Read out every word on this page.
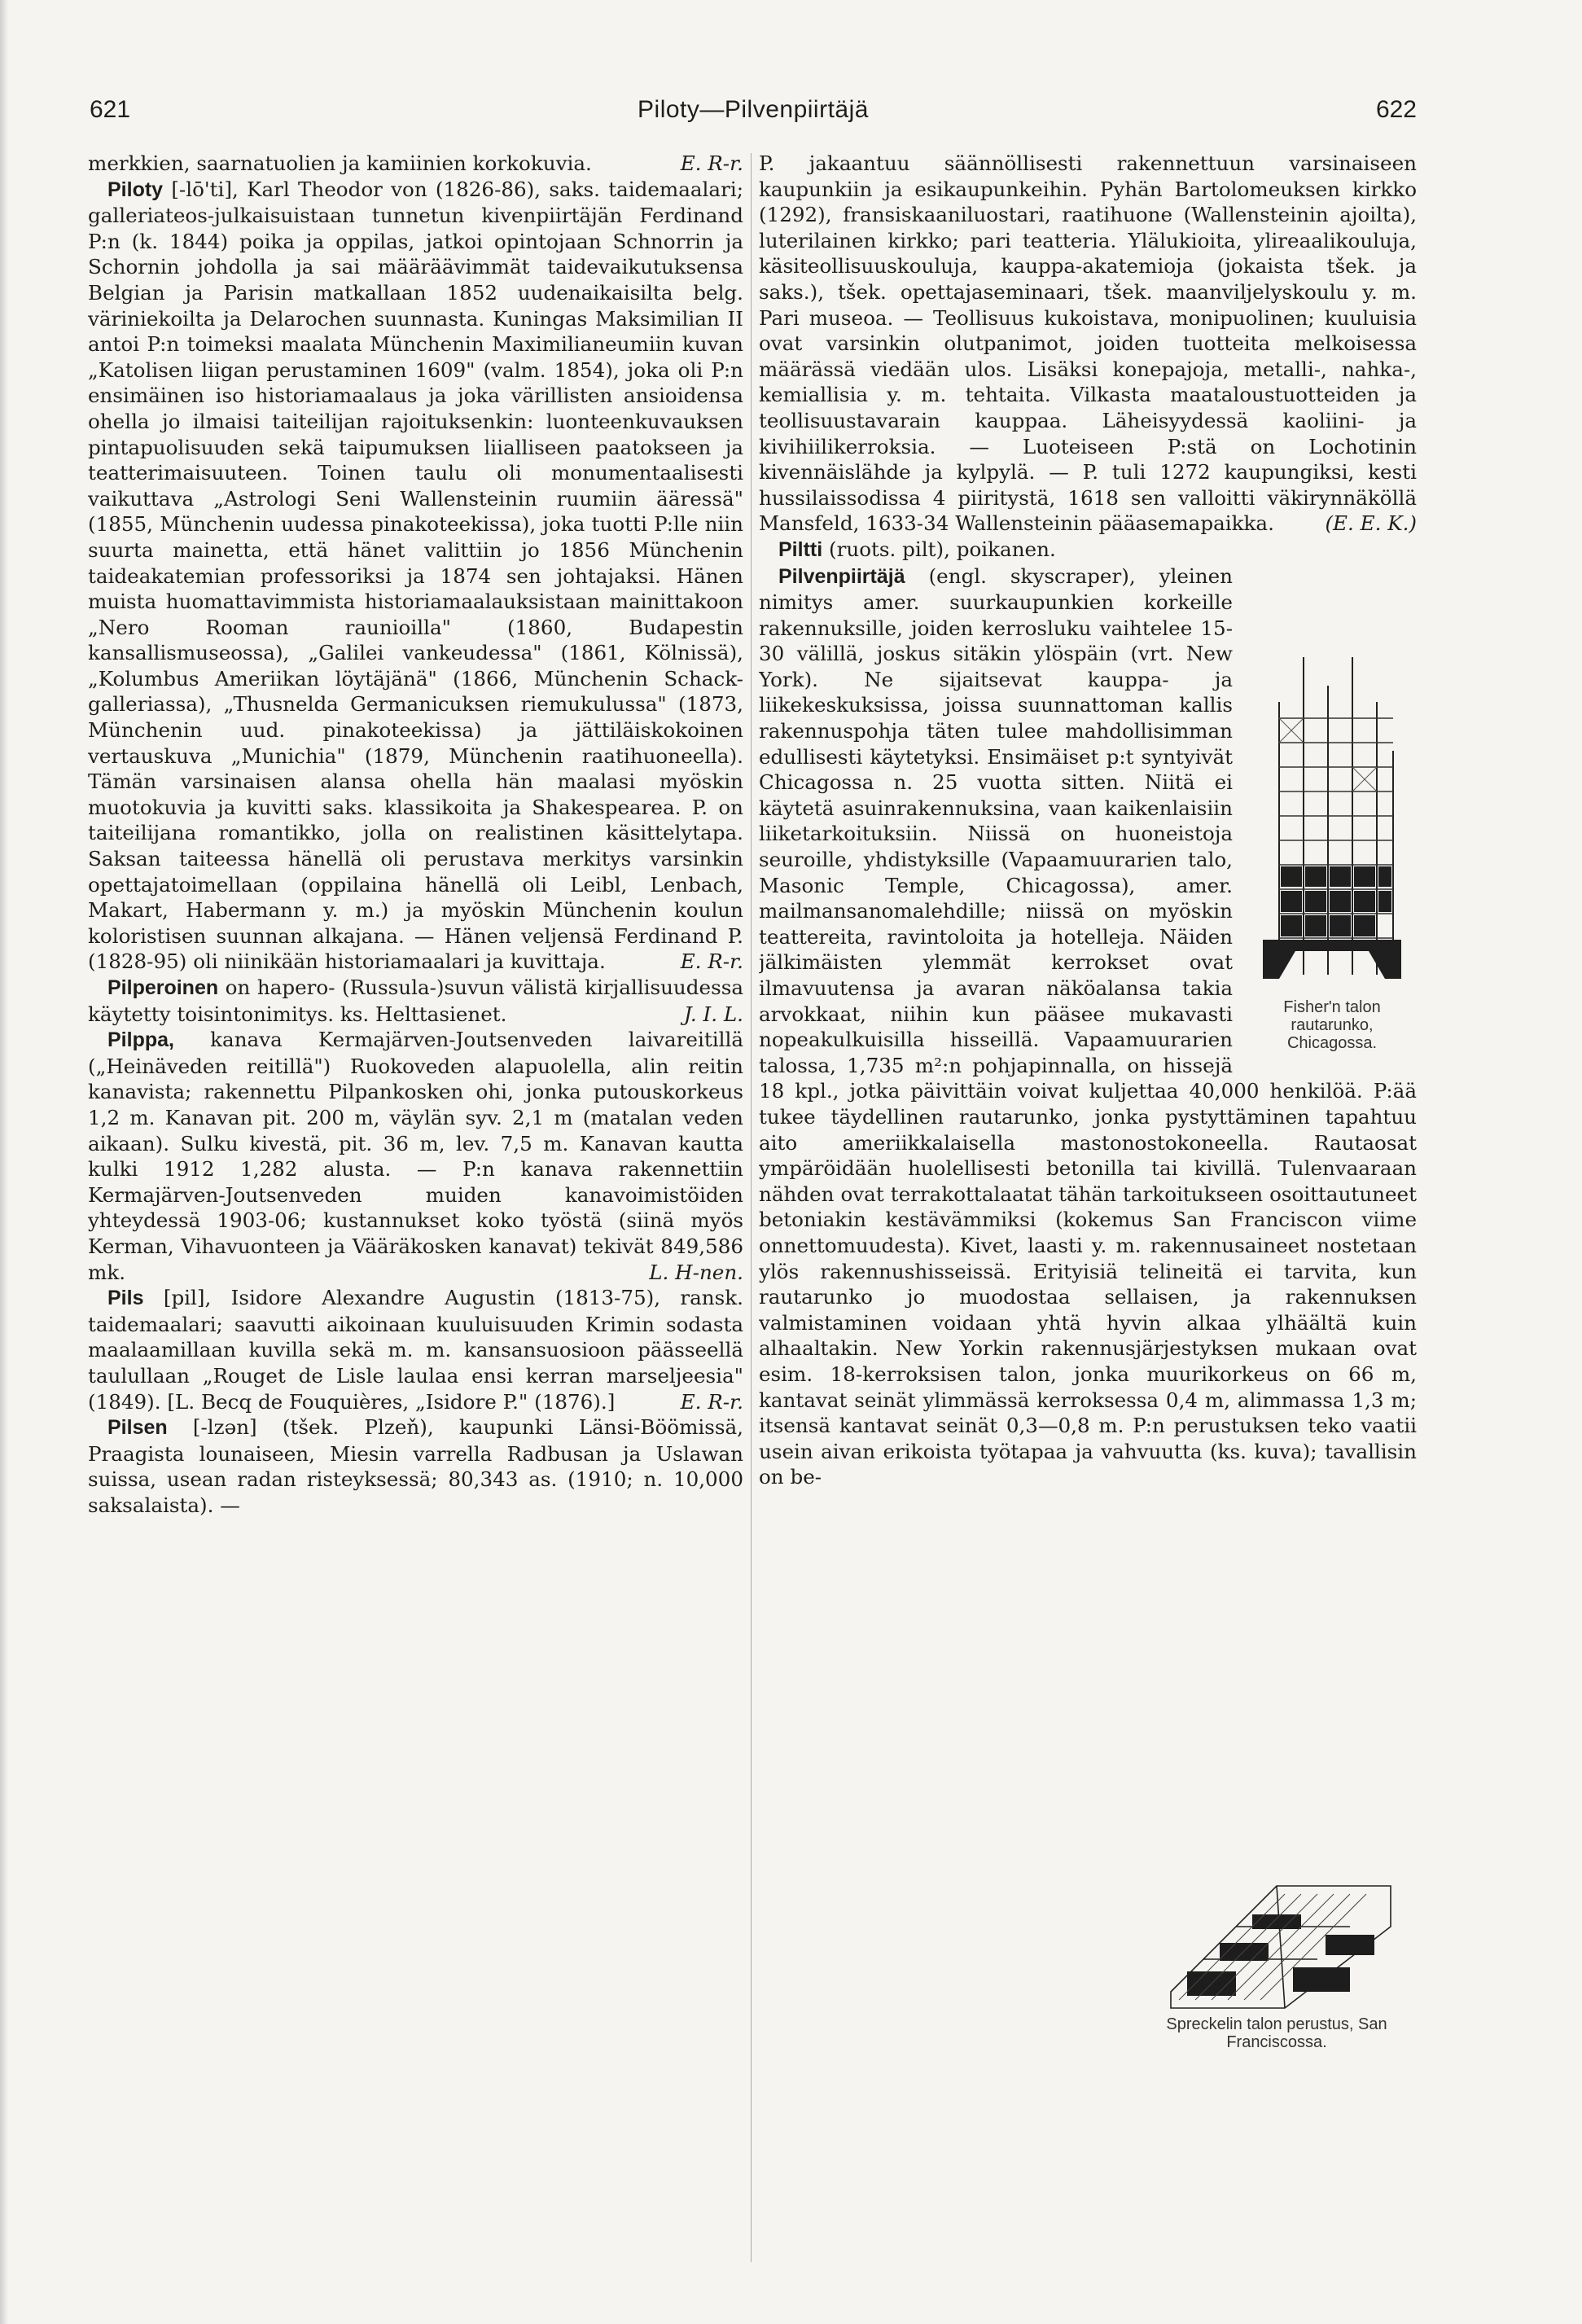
621	Piloty—Pilvenpiirtäjä	622

merkkien, saarnatuolien ja kamiinien korkokuvia.	E. R-r.

Piloty [-lō'ti], Karl Theodor von (1826-86), saks. taidemaalari; galleriateos-julkaisuistaan tunnetun kivenpiirtäjän Ferdinand P:n (k. 1844) poika ja oppilas, jatkoi opintojaan Schnorrin ja Schornin johdolla ja sai määräävimmät taidevaikutuksensa Belgian ja Parisin matkallaan 1852 uudenaikaisilta belg. väriniekoilta ja Delarochen suunnasta. Kuningas Maksimilian II antoi P:n toimeksi maalata Münchenin Maximilianeumiin kuvan „Katolisen liigan perustaminen 1609" (valm. 1854), joka oli P:n ensimäinen iso historiamaalaus ja joka värillisten ansioidensa ohella jo ilmaisi taiteilijan rajoituksenkin: luonteenkuvauksen pintapuolisuuden sekä taipumuksen liialliseen paatokseen ja teatterimaisuuteen. Toinen taulu oli monumentaalisesti vaikuttava „Astrologi Seni Wallensteinin ruumiin ääressä" (1855, Münchenin uudessa pinakoteekissa), joka tuotti P:lle niin suurta mainetta, että hänet valittiin jo 1856 Münchenin taideakatemian professoriksi ja 1874 sen johtajaksi. Hänen muista huomattavimmista historiamaalauksistaan mainittakoon „Nero Rooman raunioilla" (1860, Budapestin kansallismuseossa), „Galilei vankeudessa" (1861, Kölnissä), „Kolumbus Ameriikan löytäjänä" (1866, Münchenin Schack-galleriassa), „Thusnelda Germanicuksen riemukulussa" (1873, Münchenin uud. pinakoteekissa) ja jättiläiskokoinen vertauskuva „Munichia" (1879, Münchenin raatihuoneella). Tämän varsinaisen alansa ohella hän maalasi myöskin muotokuvia ja kuvitti saks. klassikoita ja Shakespearea. P. on taiteilijana romantikko, jolla on realistinen käsittelytapa. Saksan taiteessa hänellä oli perustava merkitys varsinkin opettajatoimellaan (oppilaina hänellä oli Leibl, Lenbach, Makart, Habermann y. m.) ja myöskin Münchenin koulun koloristisen suunnan alkajana. — Hänen veljensä Ferdinand P. (1828-95) oli niinikään historiamaalari ja kuvittaja.	E. R-r.

Pilperoinen on hapero- (Russula-)suvun välistä kirjallisuudessa käytetty toisintonimitys. ks. Helttasienet.	J. I. L.

Pilppa, kanava Kermajärven-Joutsenveden laivareitillä („Heinäveden reitillä") Ruokoveden alapuolella, alin reitin kanavista; rakennettu Pilpankosken ohi, jonka putouskorkeus 1,2 m. Kanavan pit. 200 m, väylän syv. 2,1 m (matalan veden aikaan). Sulku kivestä, pit. 36 m, lev. 7,5 m. Kanavan kautta kulki 1912 1,282 alusta. — P:n kanava rakennettiin Kermajärven-Joutsenveden muiden kanavoimistöiden yhteydessä 1903-06; kustannukset koko työstä (siinä myös Kerman, Vihavuonteen ja Vääräkosken kanavat) tekivät 849,586 mk.	L. H-nen.

Pils [pil], Isidore Alexandre Augustin (1813-75), ransk. taidemaalari; saavutti aikoinaan kuuluisuuden Krimin sodasta maalaamillaan kuvilla sekä m. m. kansansuosioon päässeellä taulullaan „Rouget de Lisle laulaa ensi kerran marseljeesia" (1849). [L. Becq de Fouquières, „Isidore P." (1876).]	E. R-r.

Pilsen [-lzən] (tšek. Plzeň), kaupunki Länsi-Böömissä, Praagista lounaiseen, Miesin varrella Radbusan ja Uslawan suissa, usean radan risteyksessä; 80,343 as. (1910; n. 10,000 saksalaista). —

P. jakaantuu säännöllisesti rakennettuun varsinaiseen kaupunkiin ja esikaupunkeihin. Pyhän Bartolomeuksen kirkko (1292), fransiskaaniluostari, raatihuone (Wallensteinin ajoilta), luterilainen kirkko; pari teatteria. Ylälukioita, ylireaalikouluja, käsiteollisuuskouluja, kauppa-akatemioja (jokaista tšek. ja saks.), tšek. opettajaseminaari, tšek. maanviljelyskoulu y. m. Pari museoa. — Teollisuus kukoistava, monipuolinen; kuuluisia ovat varsinkin olutpanimot, joiden tuotteita melkoisessa määrässä viedään ulos. Lisäksi konepajoja, metalli-, nahka-, kemiallisia y. m. tehtaita. Vilkasta maataloustuotteiden ja teollisuustavarain kauppaa. Läheisyydessä kaoliini- ja kivihiilikerroksia. — Luoteiseen P:stä on Lochotinin kivennäislähde ja kylpylä. — P. tuli 1272 kaupungiksi, kesti hussilaissodissa 4 piiritystä, 1618 sen valloitti väkirynnäköllä Mansfeld, 1633-34 Wallensteinin pääasemapaikka.	(E. E. K.)

Piltti (ruots. pilt), poikanen.

Fisher'n talon rautarunko, Chicagossa.

Pilvenpiirtäjä (engl. skyscraper), yleinen nimitys amer. suurkaupunkien korkeille rakennuksille, joiden kerrosluku vaihtelee 15-30 välillä, joskus sitäkin ylöspäin (vrt. New York). Ne sijaitsevat kauppa- ja liikekeskuksissa, joissa suunnattoman kallis rakennuspohja täten tulee mahdollisimman edullisesti käytetyksi. Ensimäiset p:t syntyivät Chicagossa n. 25 vuotta sitten. Niitä ei käytetä asuinrakennuksina, vaan kaikenlaisiin liiketarkoituksiin. Niissä on huoneistoja seuroille, yhdistyksille (Vapaamuurarien talo, Masonic Temple, Chicagossa), amer. mailmansanomalehdille; niissä on myöskin teattereita, ravintoloita ja hotelleja. Näiden jälkimäisten ylemmät kerrokset ovat ilmavuutensa ja avaran näköalansa takia arvokkaat, niihin kun pääsee mukavasti nopeakulkuisilla hisseillä. Vapaamuurarien talossa, 1,735 m²:n pohjapinnalla, on hissejä 18 kpl., jotka päivittäin voivat kuljettaa 40,000 henkilöä. P:ää tukee täydellinen rautarunko, jonka pystyttäminen tapahtuu aito ameriikkalaisella mastonostokoneella. Rautaosat ympäröidään huolellisesti betonilla tai kivillä. Tulenvaaraan nähden ovat terrakottalaatat tähän tarkoitukseen osoittautuneet betoniakin kestävämmiksi (kokemus San Franciscon viime onnettomuudesta). Kivet, laasti y. m. rakennusaineet nostetaan ylös rakennushisseissä. Erityisiä telineitä ei tarvita, kun rautarunko jo muodostaa sellaisen, ja rakennuksen valmistaminen voidaan yhtä hyvin alkaa ylhäältä kuin alhaaltakin. New Yorkin rakennusjärjestyksen mukaan ovat esim. 18-kerroksisen talon, jonka muurikorkeus on 66 m, kantavat seinät ylimmässä kerroksessa 0,4 m, alimmassa 1,3 m; itsensä kantavat seinät 0,3—0,8 m. P:n perustuksen teko vaatii usein aivan erikoista työtapaa ja vahvuutta (ks. kuva); tavallisin on be-

Spreckelin talon perustus, San Franciscossa.
